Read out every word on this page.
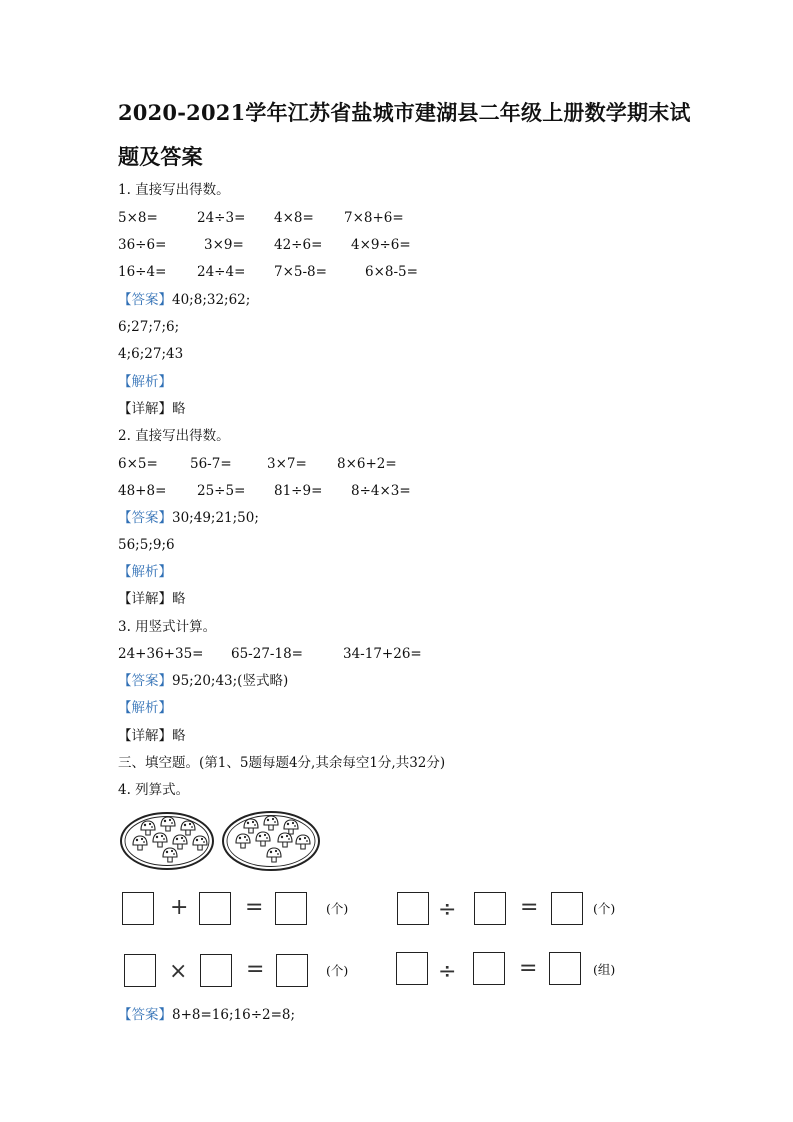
2020-2021学年江苏省盐城市建湖县二年级上册数学期末试
题及答案
1. 直接写出得数。
5×8=	24÷3= 4×8= 7×8+6=
36÷6=	3×9= 42÷6= 4×9÷6=
16÷4= 24÷4= 7×5-8=	6×8-5=
【答案】40;8;32;62;
6;27;7;6;
4;6;27;43
【解析】
【详解】略
2. 直接写出得数。
6×5= 56-7=	3×7= 8×6+2=
48+8= 25÷5= 81÷9= 8÷4×3=
【答案】30;49;21;50;
56;5;9;6
【解析】
【详解】略
3. 用竖式计算。
24+36+35= 65-27-18=	34-17+26=
【答案】95;20;43;(竖式略)
【解析】
【详解】略
三、填空题。(第1、5题每题4分,其余每空1分,共32分)
4. 列算式。
+	=	(个)	÷	=	(个)
×	=	(个)	÷	=	(组)
【答案】8+8=16;16÷2=8;
